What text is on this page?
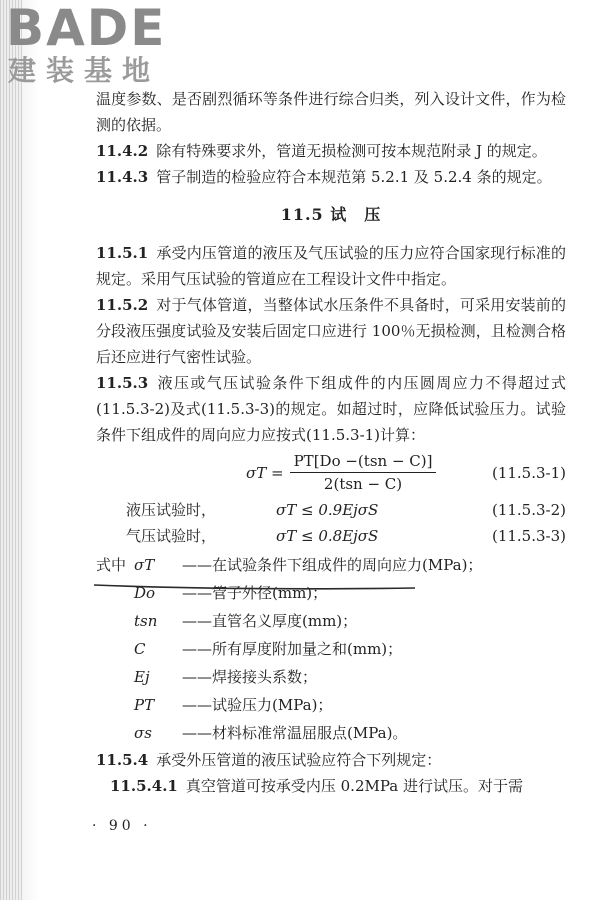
BADE
建装基地

温度参数、是否剧烈循环等条件进行综合归类，列入设计文件，作为检测的依据。

11.4.2 除有特殊要求外，管道无损检测可按本规范附录 J 的规定。

11.4.3 管子制造的检验应符合本规范第 5.2.1 及 5.2.4 条的规定。

11.5 试　压

11.5.1 承受内压管道的液压及气压试验的压力应符合国家现行标准的规定。采用气压试验的管道应在工程设计文件中指定。

11.5.2 对于气体管道，当整体试水压条件不具备时，可采用安装前的分段液压强度试验及安装后固定口应进行 100％无损检测，且检测合格后还应进行气密性试验。

11.5.3 液压或气压试验条件下组成件的内压圆周应力不得超过式(11.5.3-2)及式(11.5.3-3)的规定。如超过时，应降低试验压力。试验条件下组成件的周向应力应按式(11.5.3-1)计算：

$\sigma T = \frac{\text{PT[Do −(tsn − C)]}}{\text{2(tsn − C)}}$	(11.5.3-1)
液压试验时，	σT ≤ 0.9EjσS	(11.5.3-2)
气压试验时，	σT ≤ 0.8EjσS	(11.5.3-3)
式中 σT	——在试验条件下组成件的周向应力(MPa)；
Do	——管子外径(mm)；
tsn	——直管名义厚度(mm)；
C	——所有厚度附加量之和(mm)；
Ej	——焊接接头系数；
PT	——试验压力(MPa)；
σs	——材料标准常温屈服点(MPa)。

11.5.4 承受外压管道的液压试验应符合下列规定：

11.5.4.1 真空管道可按承受内压 0.2MPa 进行试压。对于需

· 90 ·
